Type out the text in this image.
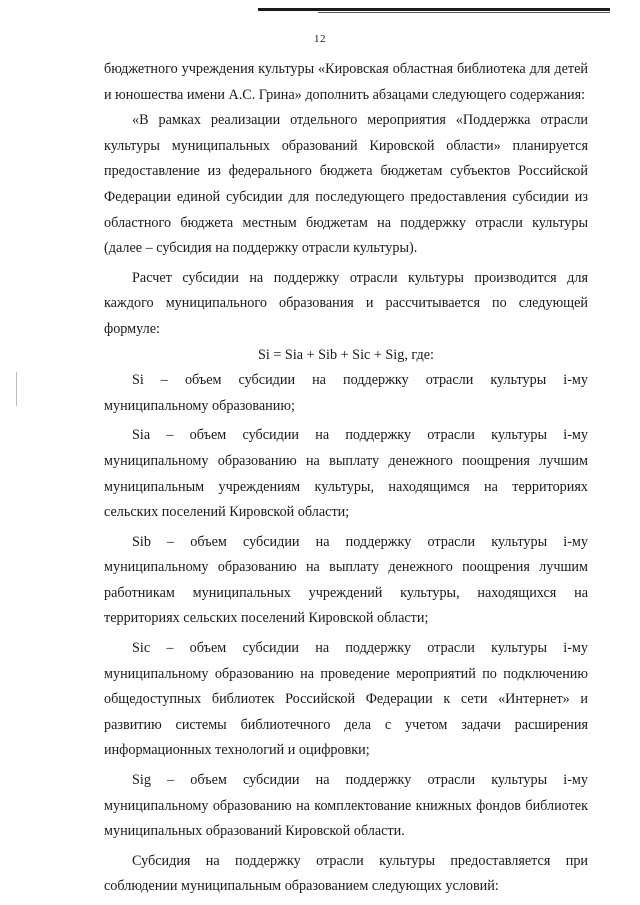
12

бюджетного учреждения культуры «Кировская областная библиотека для детей и юношества имени А.С. Грина» дополнить абзацами следующего содержания:

«В рамках реализации отдельного мероприятия «Поддержка отрасли культуры муниципальных образований Кировской области» планируется предоставление из федерального бюджета бюджетам субъектов Российской Федерации единой субсидии для последующего предоставления субсидии из областного бюджета местным бюджетам на поддержку отрасли культуры (далее – субсидия на поддержку отрасли культуры).

Расчет субсидии на поддержку отрасли культуры производится для каждого муниципального образования и рассчитывается по следующей формуле:

Si = Sia + Sib + Sic + Sig, где:

Si – объем субсидии на поддержку отрасли культуры i-му муниципальному образованию;

Sia – объем субсидии на поддержку отрасли культуры i-му муниципальному образованию на выплату денежного поощрения лучшим муниципальным учреждениям культуры, находящимся на территориях сельских поселений Кировской области;

Sib – объем субсидии на поддержку отрасли культуры i-му муниципальному образованию на выплату денежного поощрения лучшим работникам муниципальных учреждений культуры, находящихся на территориях сельских поселений Кировской области;

Sic – объем субсидии на поддержку отрасли культуры i-му муниципальному образованию на проведение мероприятий по подключению общедоступных библиотек Российской Федерации к сети «Интернет» и развитию системы библиотечного дела с учетом задачи расширения информационных технологий и оцифровки;

Sig – объем субсидии на поддержку отрасли культуры i-му муниципальному образованию на комплектование книжных фондов библиотек муниципальных образований Кировской области.

Субсидия на поддержку отрасли культуры предоставляется при соблюдении муниципальным образованием следующих условий:
